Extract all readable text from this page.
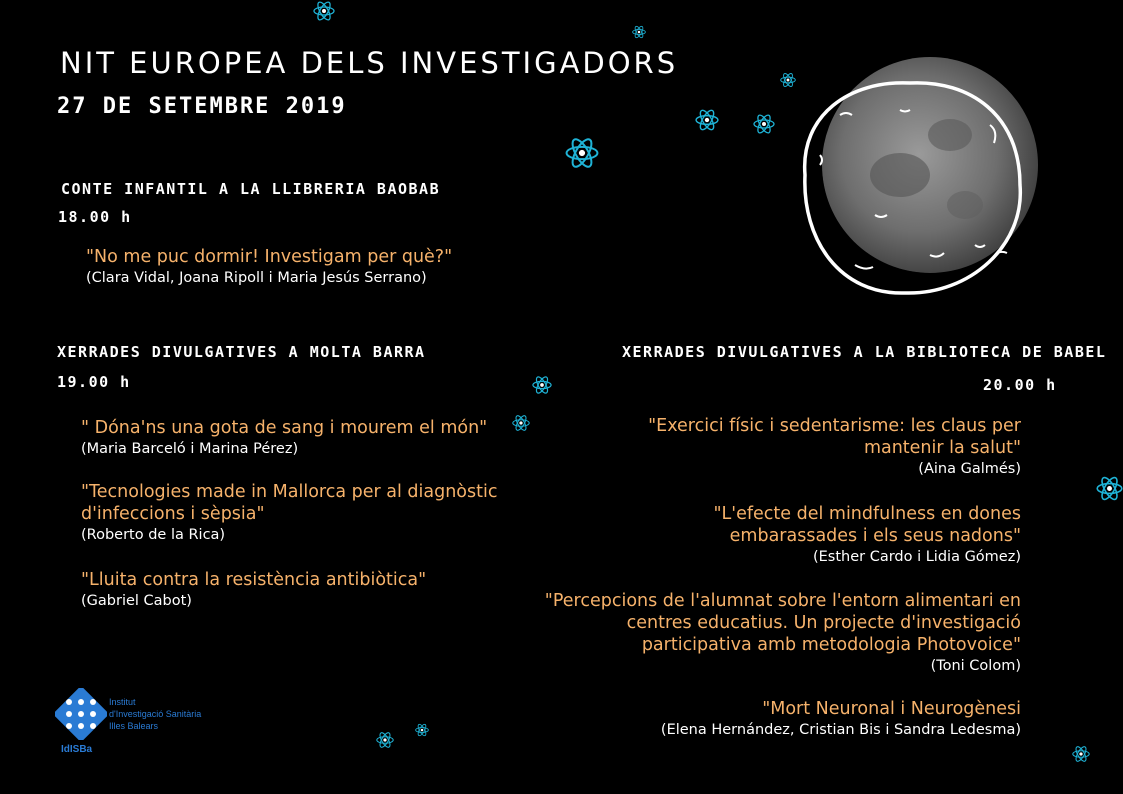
NIT EUROPEA DELS INVESTIGADORS
27 DE SETEMBRE 2019
CONTE INFANTIL A LA LLIBRERIA BAOBAB
18.00 h
"No me puc dormir! Investigam per què?"
(Clara Vidal, Joana Ripoll i Maria Jesús Serrano)
XERRADES DIVULGATIVES A MOLTA BARRA
19.00 h
" Dóna'ns una gota de sang i mourem el món"
(Maria Barceló i Marina Pérez)
"Tecnologies made in Mallorca per al diagnòstic
d'infeccions i sèpsia"
(Roberto de la Rica)
"Lluita contra la resistència antibiòtica"
(Gabriel Cabot)
XERRADES DIVULGATIVES A LA BIBLIOTECA DE BABEL
20.00 h
"Exercici físic i sedentarisme: les claus per
mantenir la salut"
(Aina Galmés)
"L'efecte del mindfulness en dones
embarassades i els seus nadons"
(Esther Cardo i Lidia Gómez)
"Percepcions de l'alumnat sobre l'entorn alimentari en
centres educatius. Un projecte d'investigació
participativa amb metodologia Photovoice"
(Toni Colom)
"Mort Neuronal i Neurogènesi
(Elena Hernández, Cristian Bis i Sandra Ledesma)
Institut
d'Investigació Sanitària
Illes Balears
IdISBa
